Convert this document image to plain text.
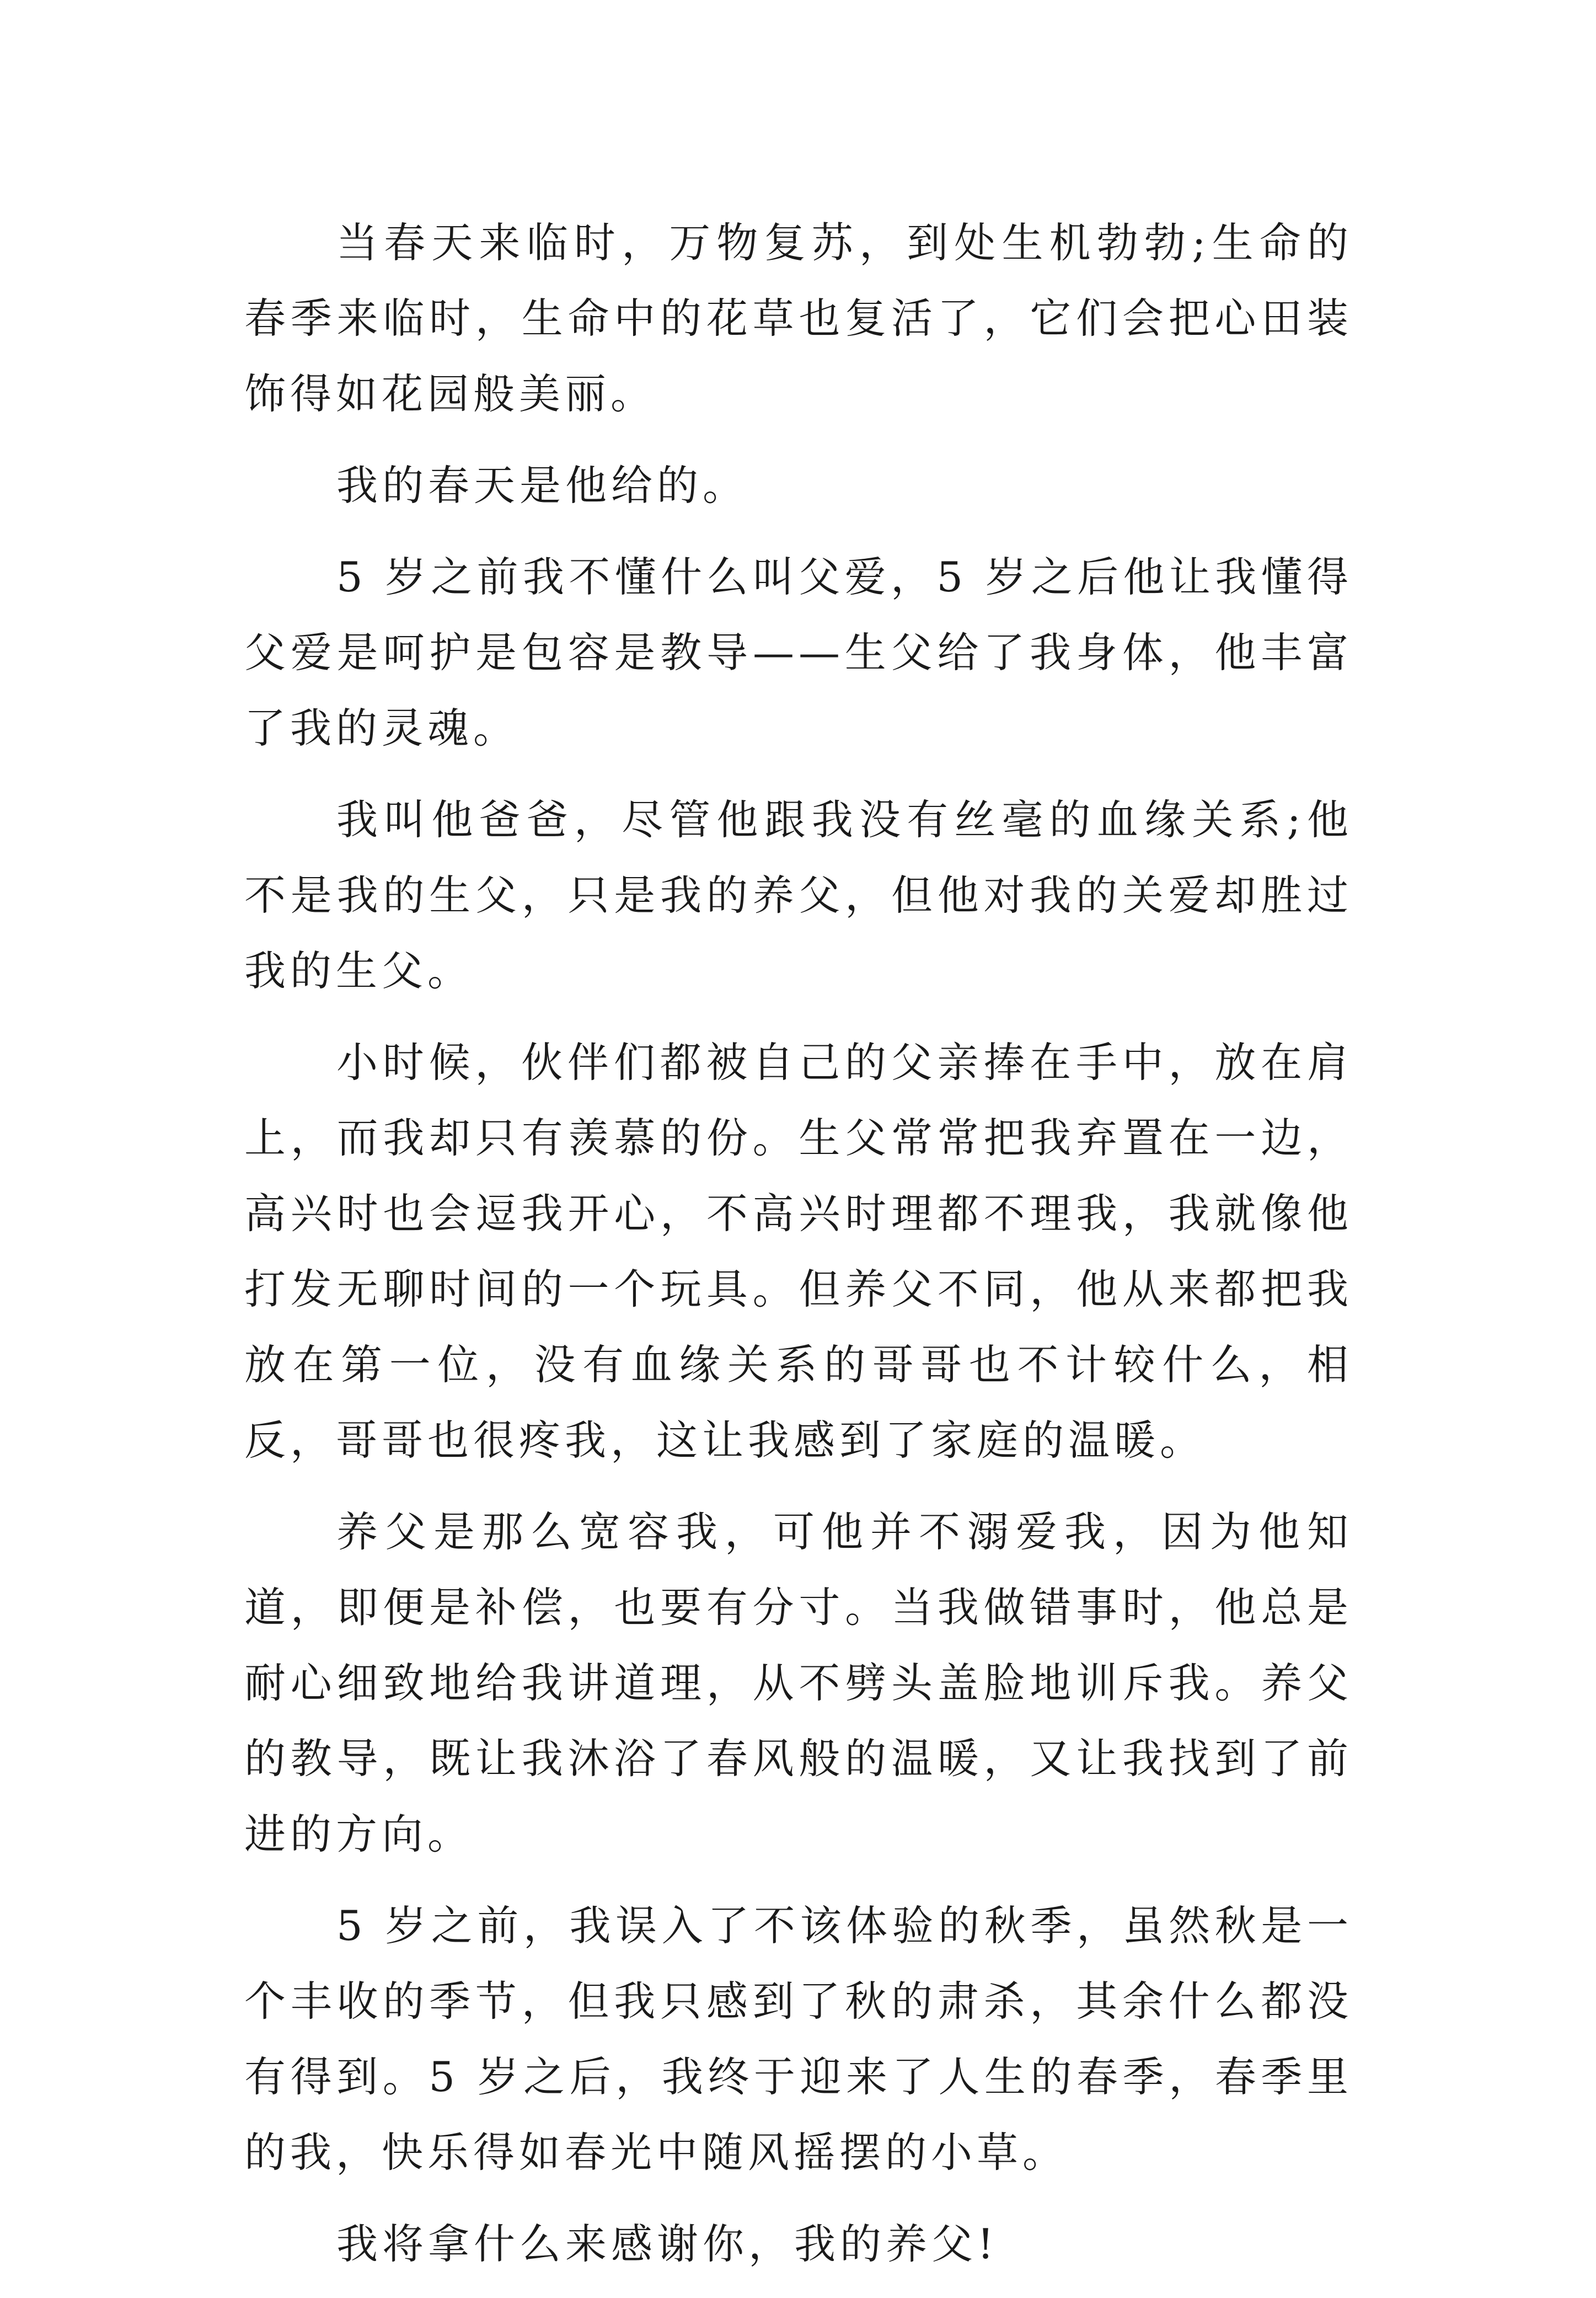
当春天来临时，万物复苏，到处生机勃勃;生命的春季来临时，生命中的花草也复活了，它们会把心田装饰得如花园般美丽。

我的春天是他给的。

5 岁之前我不懂什么叫父爱，5 岁之后他让我懂得父爱是呵护是包容是教导——生父给了我身体，他丰富了我的灵魂。

我叫他爸爸，尽管他跟我没有丝毫的血缘关系;他不是我的生父，只是我的养父，但他对我的关爱却胜过我的生父。

小时候，伙伴们都被自己的父亲捧在手中，放在肩上，而我却只有羡慕的份。生父常常把我弃置在一边，高兴时也会逗我开心，不高兴时理都不理我，我就像他打发无聊时间的一个玩具。但养父不同，他从来都把我放在第一位，没有血缘关系的哥哥也不计较什么，相反，哥哥也很疼我，这让我感到了家庭的温暖。

养父是那么宽容我，可他并不溺爱我，因为他知道，即便是补偿，也要有分寸。当我做错事时，他总是耐心细致地给我讲道理，从不劈头盖脸地训斥我。养父的教导，既让我沐浴了春风般的温暖，又让我找到了前进的方向。

5 岁之前，我误入了不该体验的秋季，虽然秋是一个丰收的季节，但我只感到了秋的肃杀，其余什么都没有得到。5 岁之后，我终于迎来了人生的春季，春季里的我，快乐得如春光中随风摇摆的小草。

我将拿什么来感谢你，我的养父!
